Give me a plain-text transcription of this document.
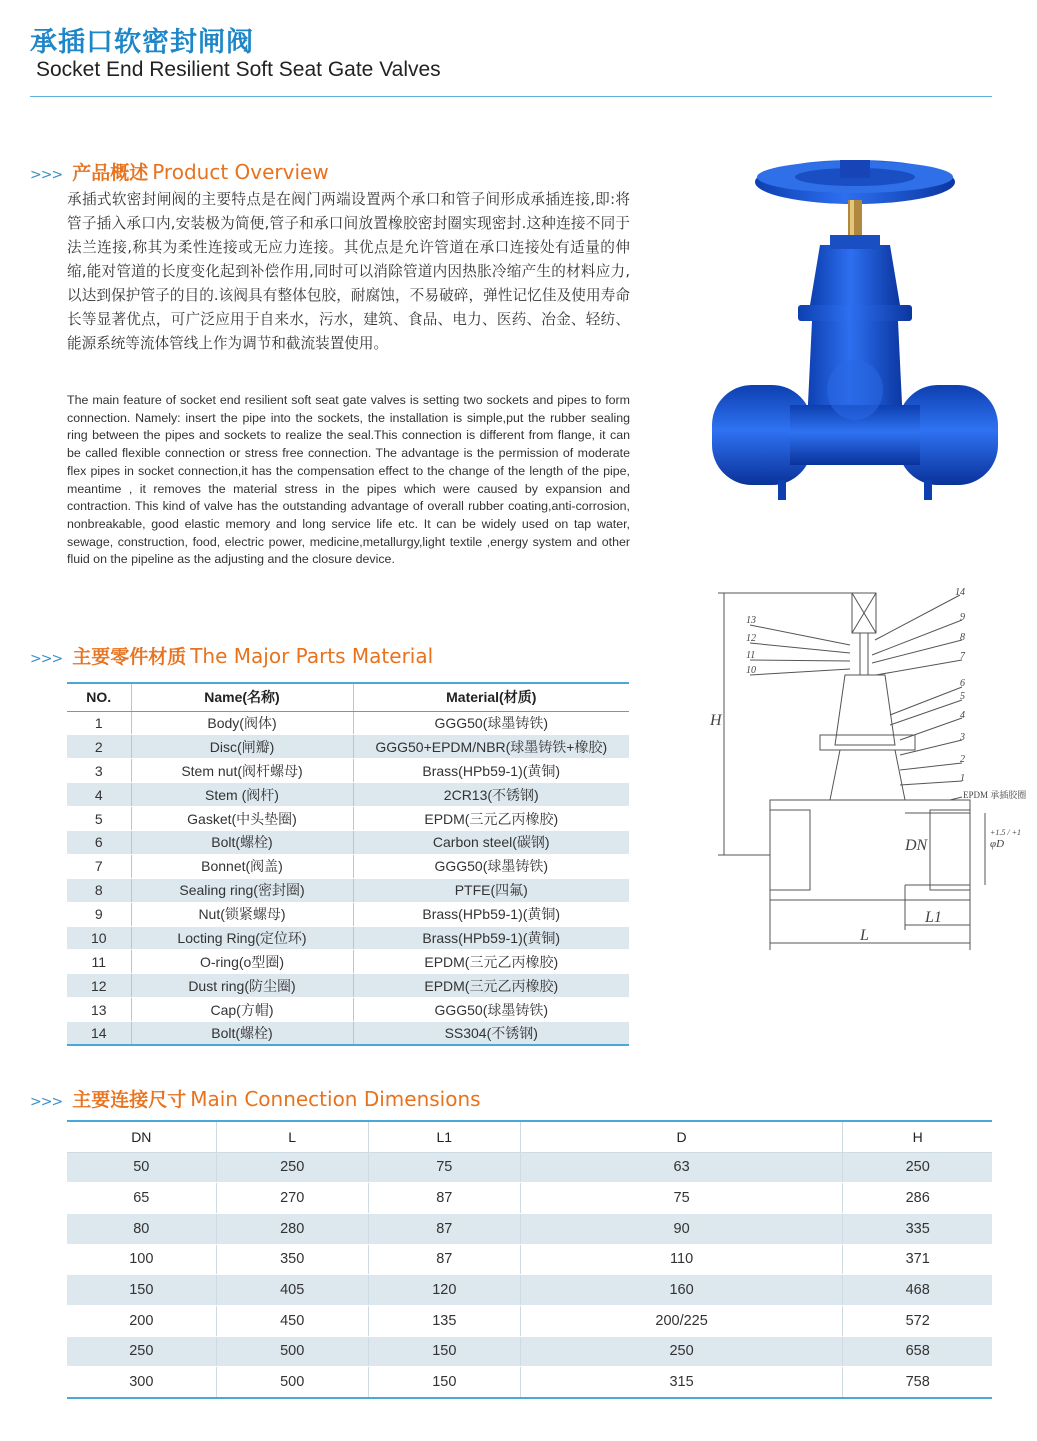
承插口软密封闸阀
Socket End Resilient Soft Seat Gate Valves
>>> 产品概述 Product Overview
承插式软密封闸阀的主要特点是在阀门两端设置两个承口和管子间形成承插连接,即:将管子插入承口内,安装极为简便,管子和承口间放置橡胶密封圈实现密封.这种连接不同于法兰连接,称其为柔性连接或无应力连接。其优点是允许管道在承口连接处有适量的伸缩,能对管道的长度变化起到补偿作用,同时可以消除管道内因热胀冷缩产生的材料应力,以达到保护管子的目的.该阀具有整体包胶，耐腐蚀，不易破碎，弹性记忆佳及使用寿命长等显著优点，可广泛应用于自来水，污水，建筑、食品、电力、医药、冶金、轻纺、能源系统等流体管线上作为调节和截流装置使用。
The main feature of socket end resilient soft seat gate valves is setting two sockets and pipes to form connection. Namely: insert the pipe into the sockets, the installation is simple,put the rubber sealing ring between the pipes and sockets to realize the seal.This connection is different from flange, it can be called flexible connection or stress free connection. The advantage is the permission of moderate flex pipes in socket connection,it has the compensation effect to the change of the length of the pipe, meantime , it removes the material stress in the pipes which were caused by expansion and contraction. This kind of valve has the outstanding advantage of overall rubber coating,anti-corrosion, nonbreakable, good elastic memory and long service life etc. It can be widely used on tap water, sewage, construction, food, electric power, medicine,metallurgy,light textile ,energy system and other fluid on the pipeline as the adjusting and the closure device.
14
9
8
7
6
5
4
3
2
1
13
12
11
10
H
L
L1
DN	φD
+1.5 / +1
EPDM 承插胶圈
>>> 主要零件材质 The Major Parts Material
NO.	Name(名称)	Material(材质)
1	Body(阀体)	GGG50(球墨铸铁)
2	Disc(闸瓣)	GGG50+EPDM/NBR(球墨铸铁+橡胶)
3	Stem nut(阀杆螺母)	Brass(HPb59-1)(黄铜)
4	Stem (阀杆)	2CR13(不锈钢)
5	Gasket(中头垫圈)	EPDM(三元乙丙橡胶)
6	Bolt(螺栓)	Carbon steel(碳钢)
7	Bonnet(阀盖)	GGG50(球墨铸铁)
8	Sealing ring(密封圈)	PTFE(四氟)
9	Nut(锁紧螺母)	Brass(HPb59-1)(黄铜)
10	Locting Ring(定位环)	Brass(HPb59-1)(黄铜)
11	O-ring(o型圈)	EPDM(三元乙丙橡胶)
12	Dust ring(防尘圈)	EPDM(三元乙丙橡胶)
13	Cap(方帽)	GGG50(球墨铸铁)
14	Bolt(螺栓)	SS304(不锈钢)
>>> 主要连接尺寸 Main Connection Dimensions
DN	L	L1	D	H
50	250	75	63	250
65	270	87	75	286
80	280	87	90	335
100	350	87	110	371
150	405	120	160	468
200	450	135	200/225	572
250	500	150	250	658
300	500	150	315	758
